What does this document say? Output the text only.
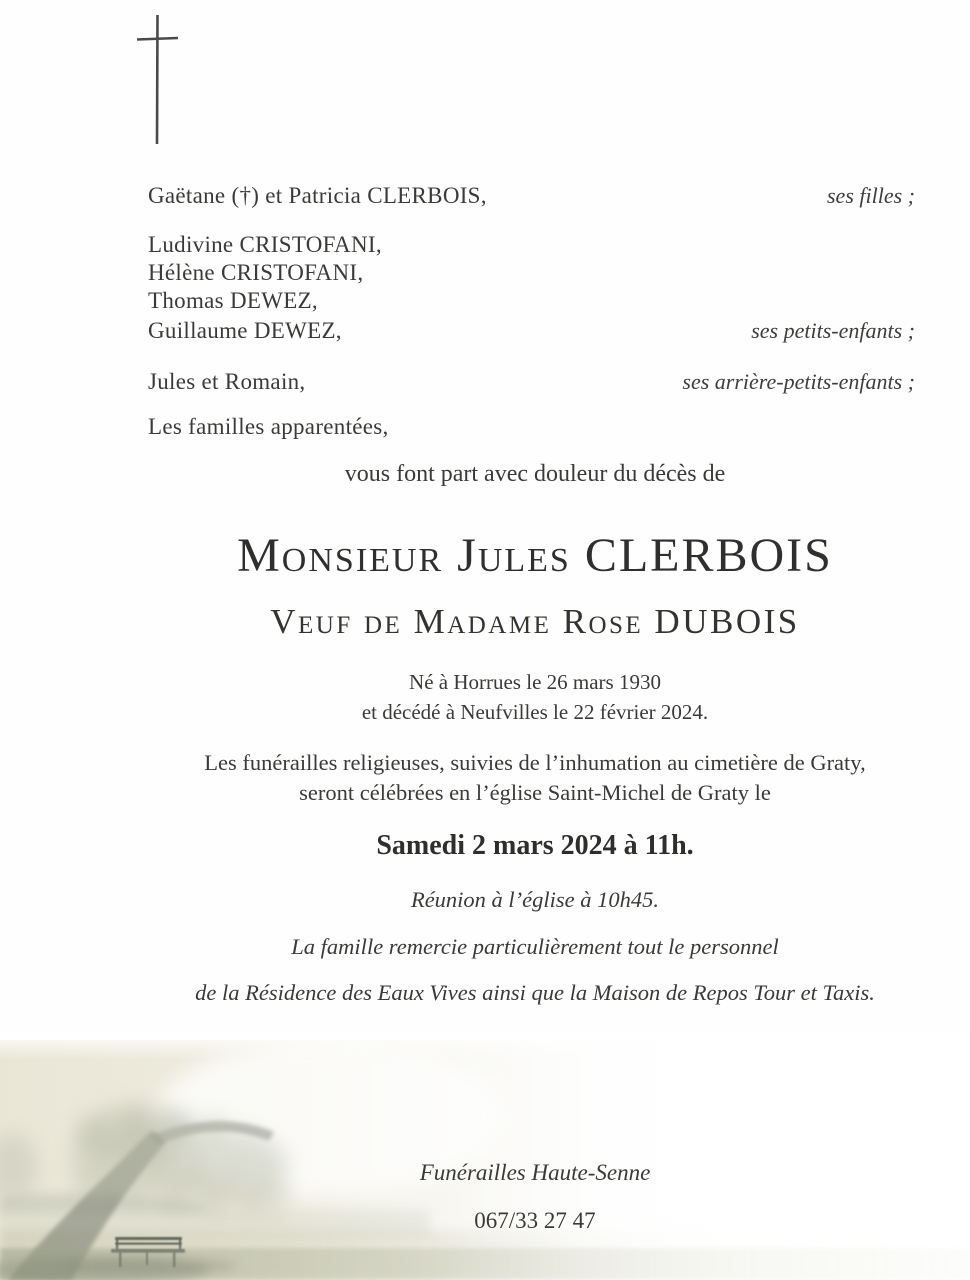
Gaëtane (†) et Patricia CLERBOIS,	ses filles ;
Ludivine CRISTOFANI,
Hélène CRISTOFANI,
Thomas DEWEZ,
Guillaume DEWEZ,	ses petits-enfants ;
Jules et Romain,	ses arrière-petits-enfants ;
Les familles apparentées,
vous font part avec douleur du décès de
Monsieur Jules CLERBOIS
Veuf de Madame Rose DUBOIS
Né à Horrues le 26 mars 1930
et décédé à Neufvilles le 22 février 2024.
Les funérailles religieuses, suivies de l’inhumation au cimetière de Graty,
seront célébrées en l’église Saint-Michel de Graty le
Samedi 2 mars 2024 à 11h.
Réunion à l’église à 10h45.
La famille remercie particulièrement tout le personnel
de la Résidence des Eaux Vives ainsi que la Maison de Repos Tour et Taxis.
Funérailles Haute-Senne
067/33 27 47
